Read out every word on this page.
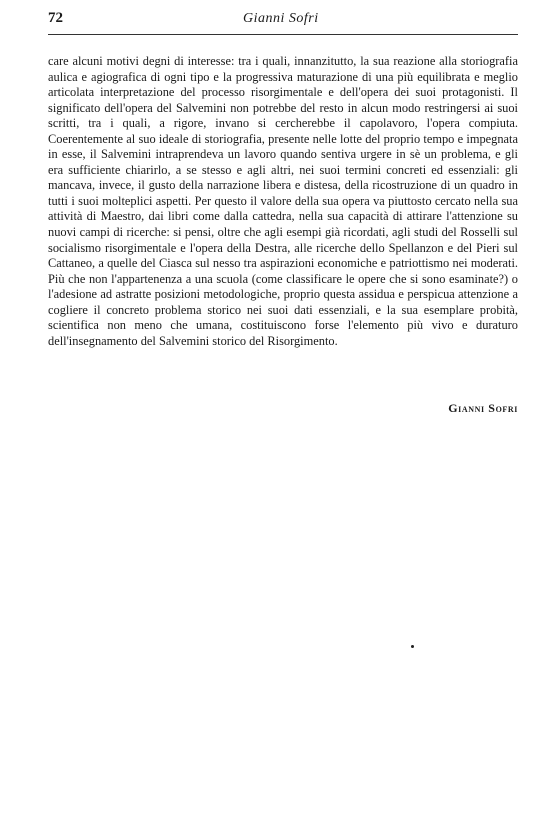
72	Gianni Sofri

care alcuni motivi degni di interesse: tra i quali, innanzitutto, la sua reazione alla storiografia aulica e agiografica di ogni tipo e la progressiva maturazione di una più equilibrata e meglio articolata interpretazione del processo risorgimentale e dell'opera dei suoi protagonisti. Il significato dell'opera del Salvemini non potrebbe del resto in alcun modo restringersi ai suoi scritti, tra i quali, a rigore, invano si cercherebbe il capolavoro, l'opera compiuta. Coerentemente al suo ideale di storiografia, presente nelle lotte del proprio tempo e impegnata in esse, il Salvemini intraprendeva un lavoro quando sentiva urgere in sè un problema, e gli era sufficiente chiarirlo, a se stesso e agli altri, nei suoi termini concreti ed essenziali: gli mancava, invece, il gusto della narrazione libera e distesa, della ricostruzione di un quadro in tutti i suoi molteplici aspetti. Per questo il valore della sua opera va piuttosto cercato nella sua attività di Maestro, dai libri come dalla cattedra, nella sua capacità di attirare l'attenzione su nuovi campi di ricerche: si pensi, oltre che agli esempi già ricordati, agli studi del Rosselli sul socialismo risorgimentale e l'opera della Destra, alle ricerche dello Spellanzon e del Pieri sul Cattaneo, a quelle del Ciasca sul nesso tra aspirazioni economiche e patriottismo nei moderati. Più che non l'appartenenza a una scuola (come classificare le opere che si sono esaminate?) o l'adesione ad astratte posizioni metodologiche, proprio questa assidua e perspicua attenzione a cogliere il concreto problema storico nei suoi dati essenziali, e la sua esemplare probità, scientifica non meno che umana, costituiscono forse l'elemento più vivo e duraturo dell'insegnamento del Salvemini storico del Risorgimento.

Gianni Sofri
